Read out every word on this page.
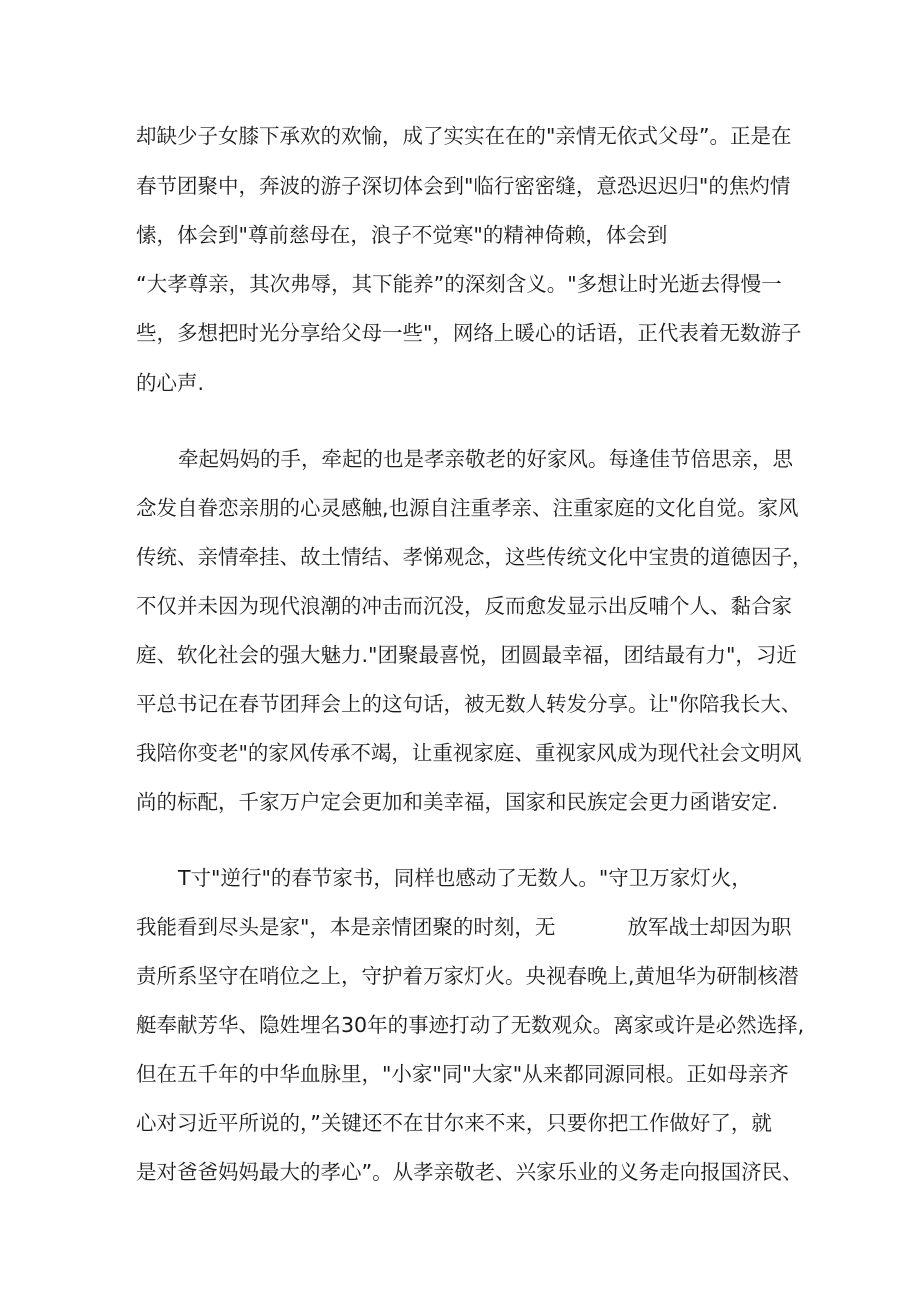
却缺少子女膝下承欢的欢愉，成了实实在在的"亲情无依式父母”。正是在
春节团聚中，奔波的游子深切体会到"临行密密缝，意恐迟迟归"的焦灼情
愫，体会到"尊前慈母在，浪子不觉寒"的精神倚赖，体会到
“大孝尊亲，其次弗辱，其下能养”的深刻含义。"多想让时光逝去得慢一
些，多想把时光分享给父母一些"，网络上暖心的话语，正代表着无数游子
的心声.
牵起妈妈的手，牵起的也是孝亲敬老的好家风。每逢佳节倍思亲，思
念发自眷恋亲朋的心灵感触,也源自注重孝亲、注重家庭的文化自觉。家风
传统、亲情牵挂、故土情结、孝悌观念，这些传统文化中宝贵的道德因子，
不仅并未因为现代浪潮的冲击而沉没，反而愈发显示出反哺个人、黏合家
庭、软化社会的强大魅力."团聚最喜悦，团圆最幸福，团结最有力"，习近
平总书记在春节团拜会上的这句话，被无数人转发分享。让"你陪我长大、
我陪你变老"的家风传承不竭，让重视家庭、重视家风成为现代社会文明风
尚的标配，千家万户定会更加和美幸福，国家和民族定会更力函谐安定.
T寸"逆行"的春节家书，同样也感动了无数人。"守卫万家灯火，
我能看到尽头是家"，本是亲情团聚的时刻，无	放军战士却因为职
责所系坚守在哨位之上，守护着万家灯火。央视春晚上,黄旭华为研制核潜
艇奉献芳华、隐姓埋名30年的事迹打动了无数观众。离家或许是必然选择,
但在五千年的中华血脉里，"小家"同"大家"从来都同源同根。正如母亲齐
心对习近平所说的，”关键还不在甘尔来不来，只要你把工作做好了，就
是对爸爸妈妈最大的孝心”。从孝亲敬老、兴家乐业的义务走向报国济民、
